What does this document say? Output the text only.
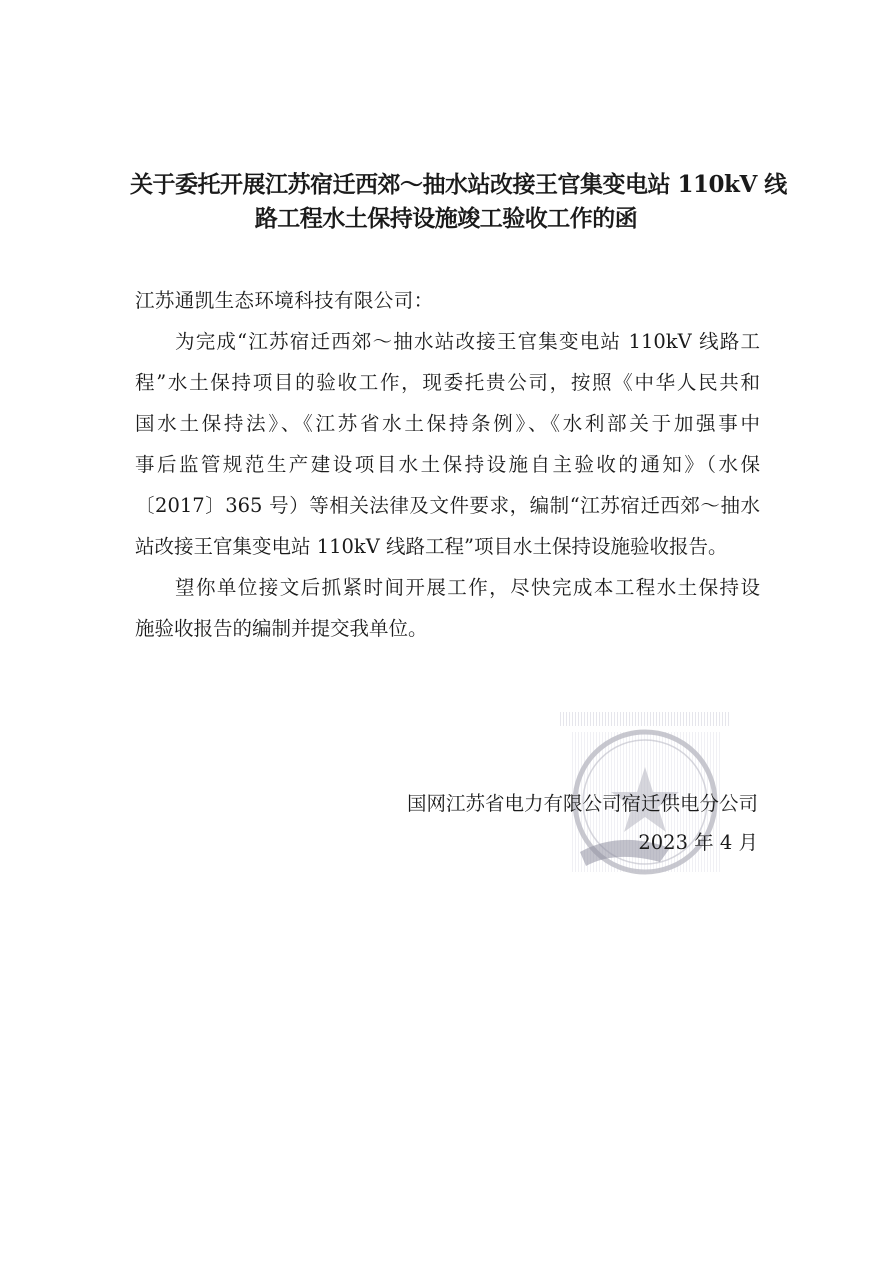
关于委托开展江苏宿迁西郊～抽水站改接王官集变电站 110kV 线
路工程水土保持设施竣工验收工作的函
江苏通凯生态环境科技有限公司：
为完成“江苏宿迁西郊～抽水站改接王官集变电站 110kV 线路工
程”水土保持项目的验收工作，现委托贵公司，按照《中华人民共和
国水土保持法》、《江苏省水土保持条例》、《水利部关于加强事中
事后监管规范生产建设项目水土保持设施自主验收的通知》（水保
〔2017〕365 号）等相关法律及文件要求，编制“江苏宿迁西郊～抽水
站改接王官集变电站 110kV 线路工程”项目水土保持设施验收报告。
望你单位接文后抓紧时间开展工作，尽快完成本工程水土保持设
施验收报告的编制并提交我单位。
国网江苏省电力有限公司宿迁供电分公司
2023 年 4 月
